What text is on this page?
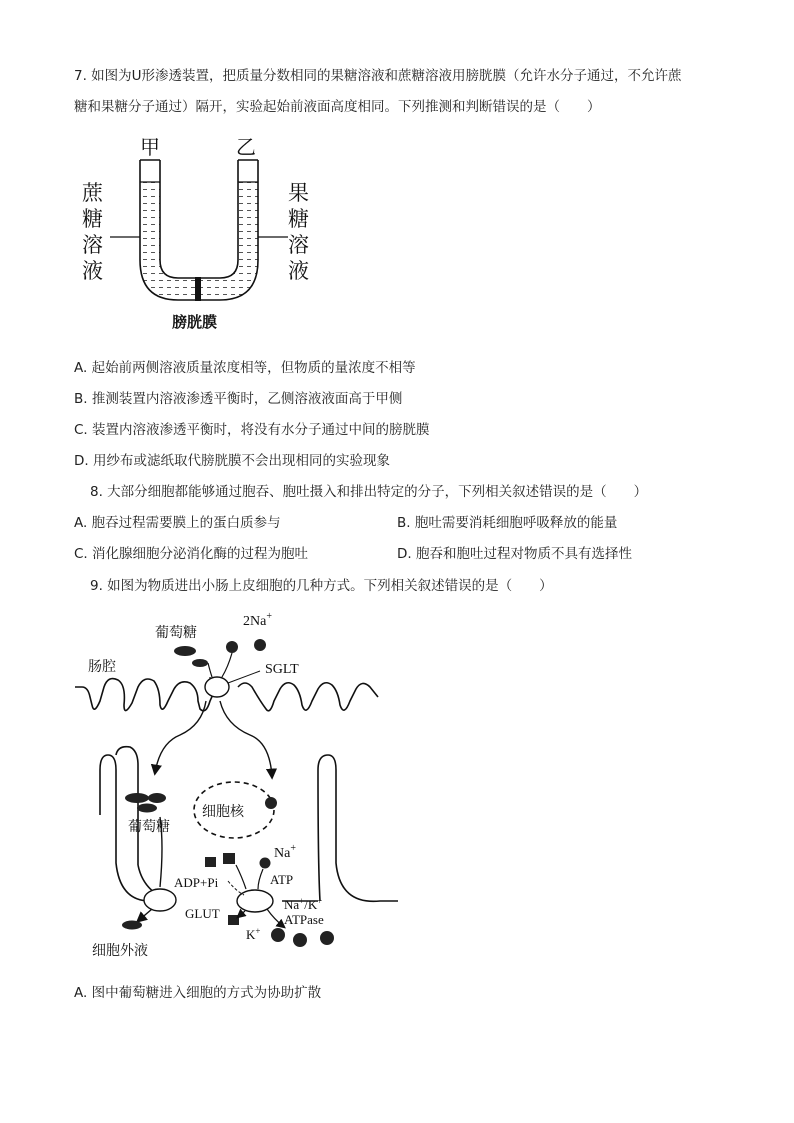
7. 如图为U形渗透装置，把质量分数相同的果糖溶液和蔗糖溶液用膀胱膜（允许水分子通过，不允许蔗
糖和果糖分子通过）隔开，实验起始前液面高度相同。下列推测和判断错误的是（　　）
甲	乙
蔗
糖
溶
液
果
糖
溶
液
膀胱膜
A. 起始前两侧溶液质量浓度相等，但物质的量浓度不相等
B. 推测装置内溶液渗透平衡时，乙侧溶液液面高于甲侧
C. 装置内溶液渗透平衡时，将没有水分子通过中间的膀胱膜
D. 用纱布或滤纸取代膀胱膜不会出现相同的实验现象
8. 大部分细胞都能够通过胞吞、胞吐摄入和排出特定的分子，下列相关叙述错误的是（　　）
A. 胞吞过程需要膜上的蛋白质参与	B. 胞吐需要消耗细胞呼吸释放的能量
C. 消化腺细胞分泌消化酶的过程为胞吐	D. 胞吞和胞吐过程对物质不具有选择性
9. 如图为物质进出小肠上皮细胞的几种方式。下列相关叙述错误的是（　　）
葡萄糖
肠腔
2Na+
SGLT
细胞核
葡萄糖
Na+
ADP+Pi	ATP
GLUT
Na+/K+
ATPase
K+
细胞外液
A. 图中葡萄糖进入细胞的方式为协助扩散
